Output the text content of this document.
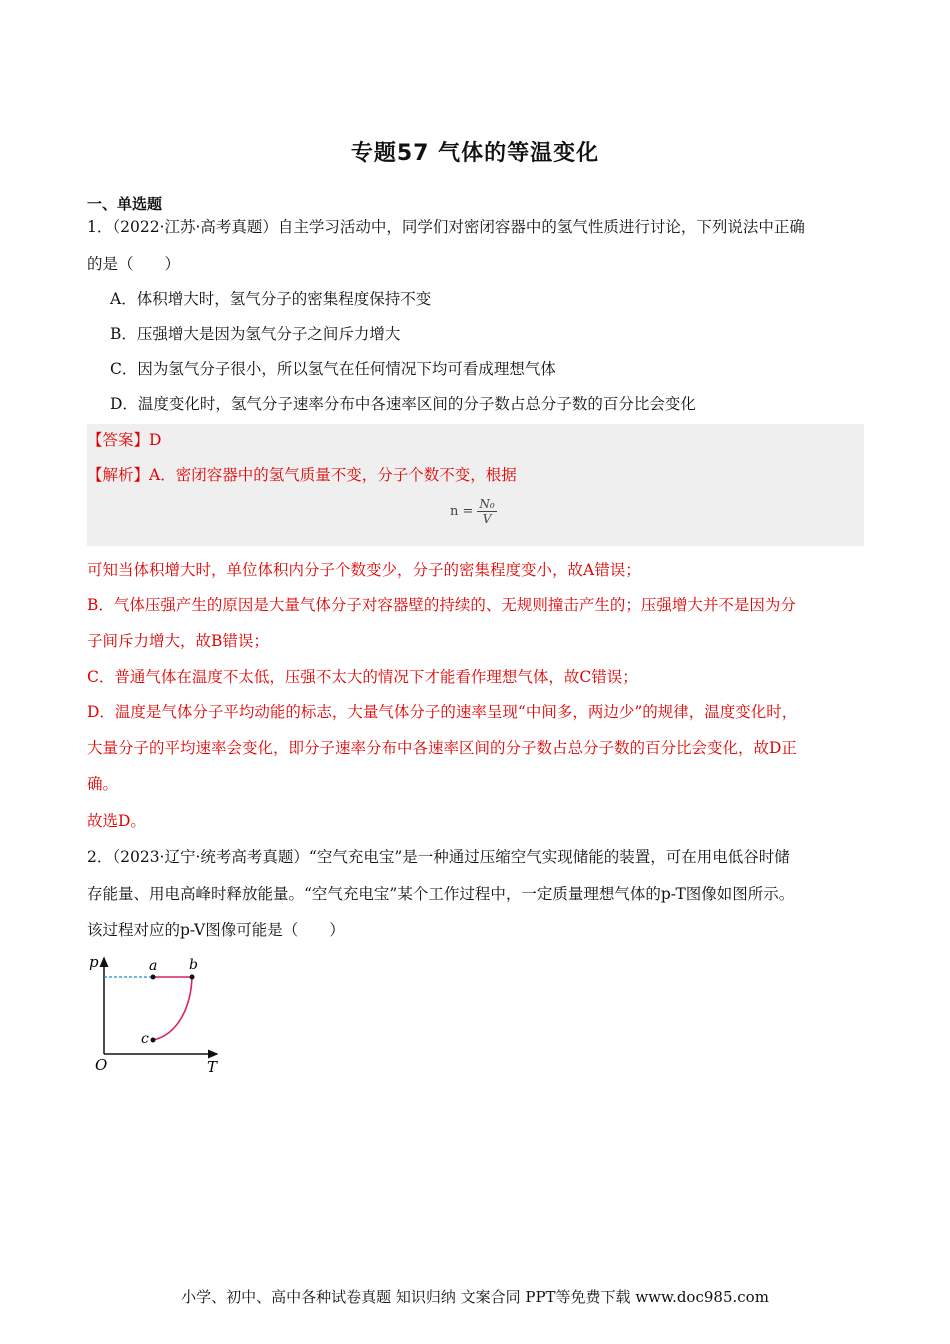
专题57 气体的等温变化
一、单选题
1．（2022·江苏·高考真题）自主学习活动中，同学们对密闭容器中的氢气性质进行讨论，下列说法中正确
的是（　　）
A．体积增大时，氢气分子的密集程度保持不变
B．压强增大是因为氢气分子之间斥力增大
C．因为氢气分子很小，所以氢气在任何情况下均可看成理想气体
D．温度变化时，氢气分子速率分布中各速率区间的分子数占总分子数的百分比会变化
【答案】D
【解析】A．密闭容器中的氢气质量不变，分子个数不变，根据
$n = \frac{\text{N₀}}{V}$
可知当体积增大时，单位体积内分子个数变少，分子的密集程度变小，故A错误；
B．气体压强产生的原因是大量气体分子对容器壁的持续的、无规则撞击产生的；压强增大并不是因为分
子间斥力增大，故B错误；
C．普通气体在温度不太低，压强不太大的情况下才能看作理想气体，故C错误；
D．温度是气体分子平均动能的标志，大量气体分子的速率呈现“中间多，两边少”的规律，温度变化时，
大量分子的平均速率会变化，即分子速率分布中各速率区间的分子数占总分子数的百分比会变化，故D正
确。
故选D。
2．（2023·辽宁·统考高考真题）“空气充电宝”是一种通过压缩空气实现储能的装置，可在用电低谷时储
存能量、用电高峰时释放能量。“空气充电宝”某个工作过程中，一定质量理想气体的p-T图像如图所示。
该过程对应的p-V图像可能是（　　）
p
T
O
a b
c
小学、初中、高中各种试卷真题 知识归纳 文案合同 PPT等免费下载 www.doc985.com
